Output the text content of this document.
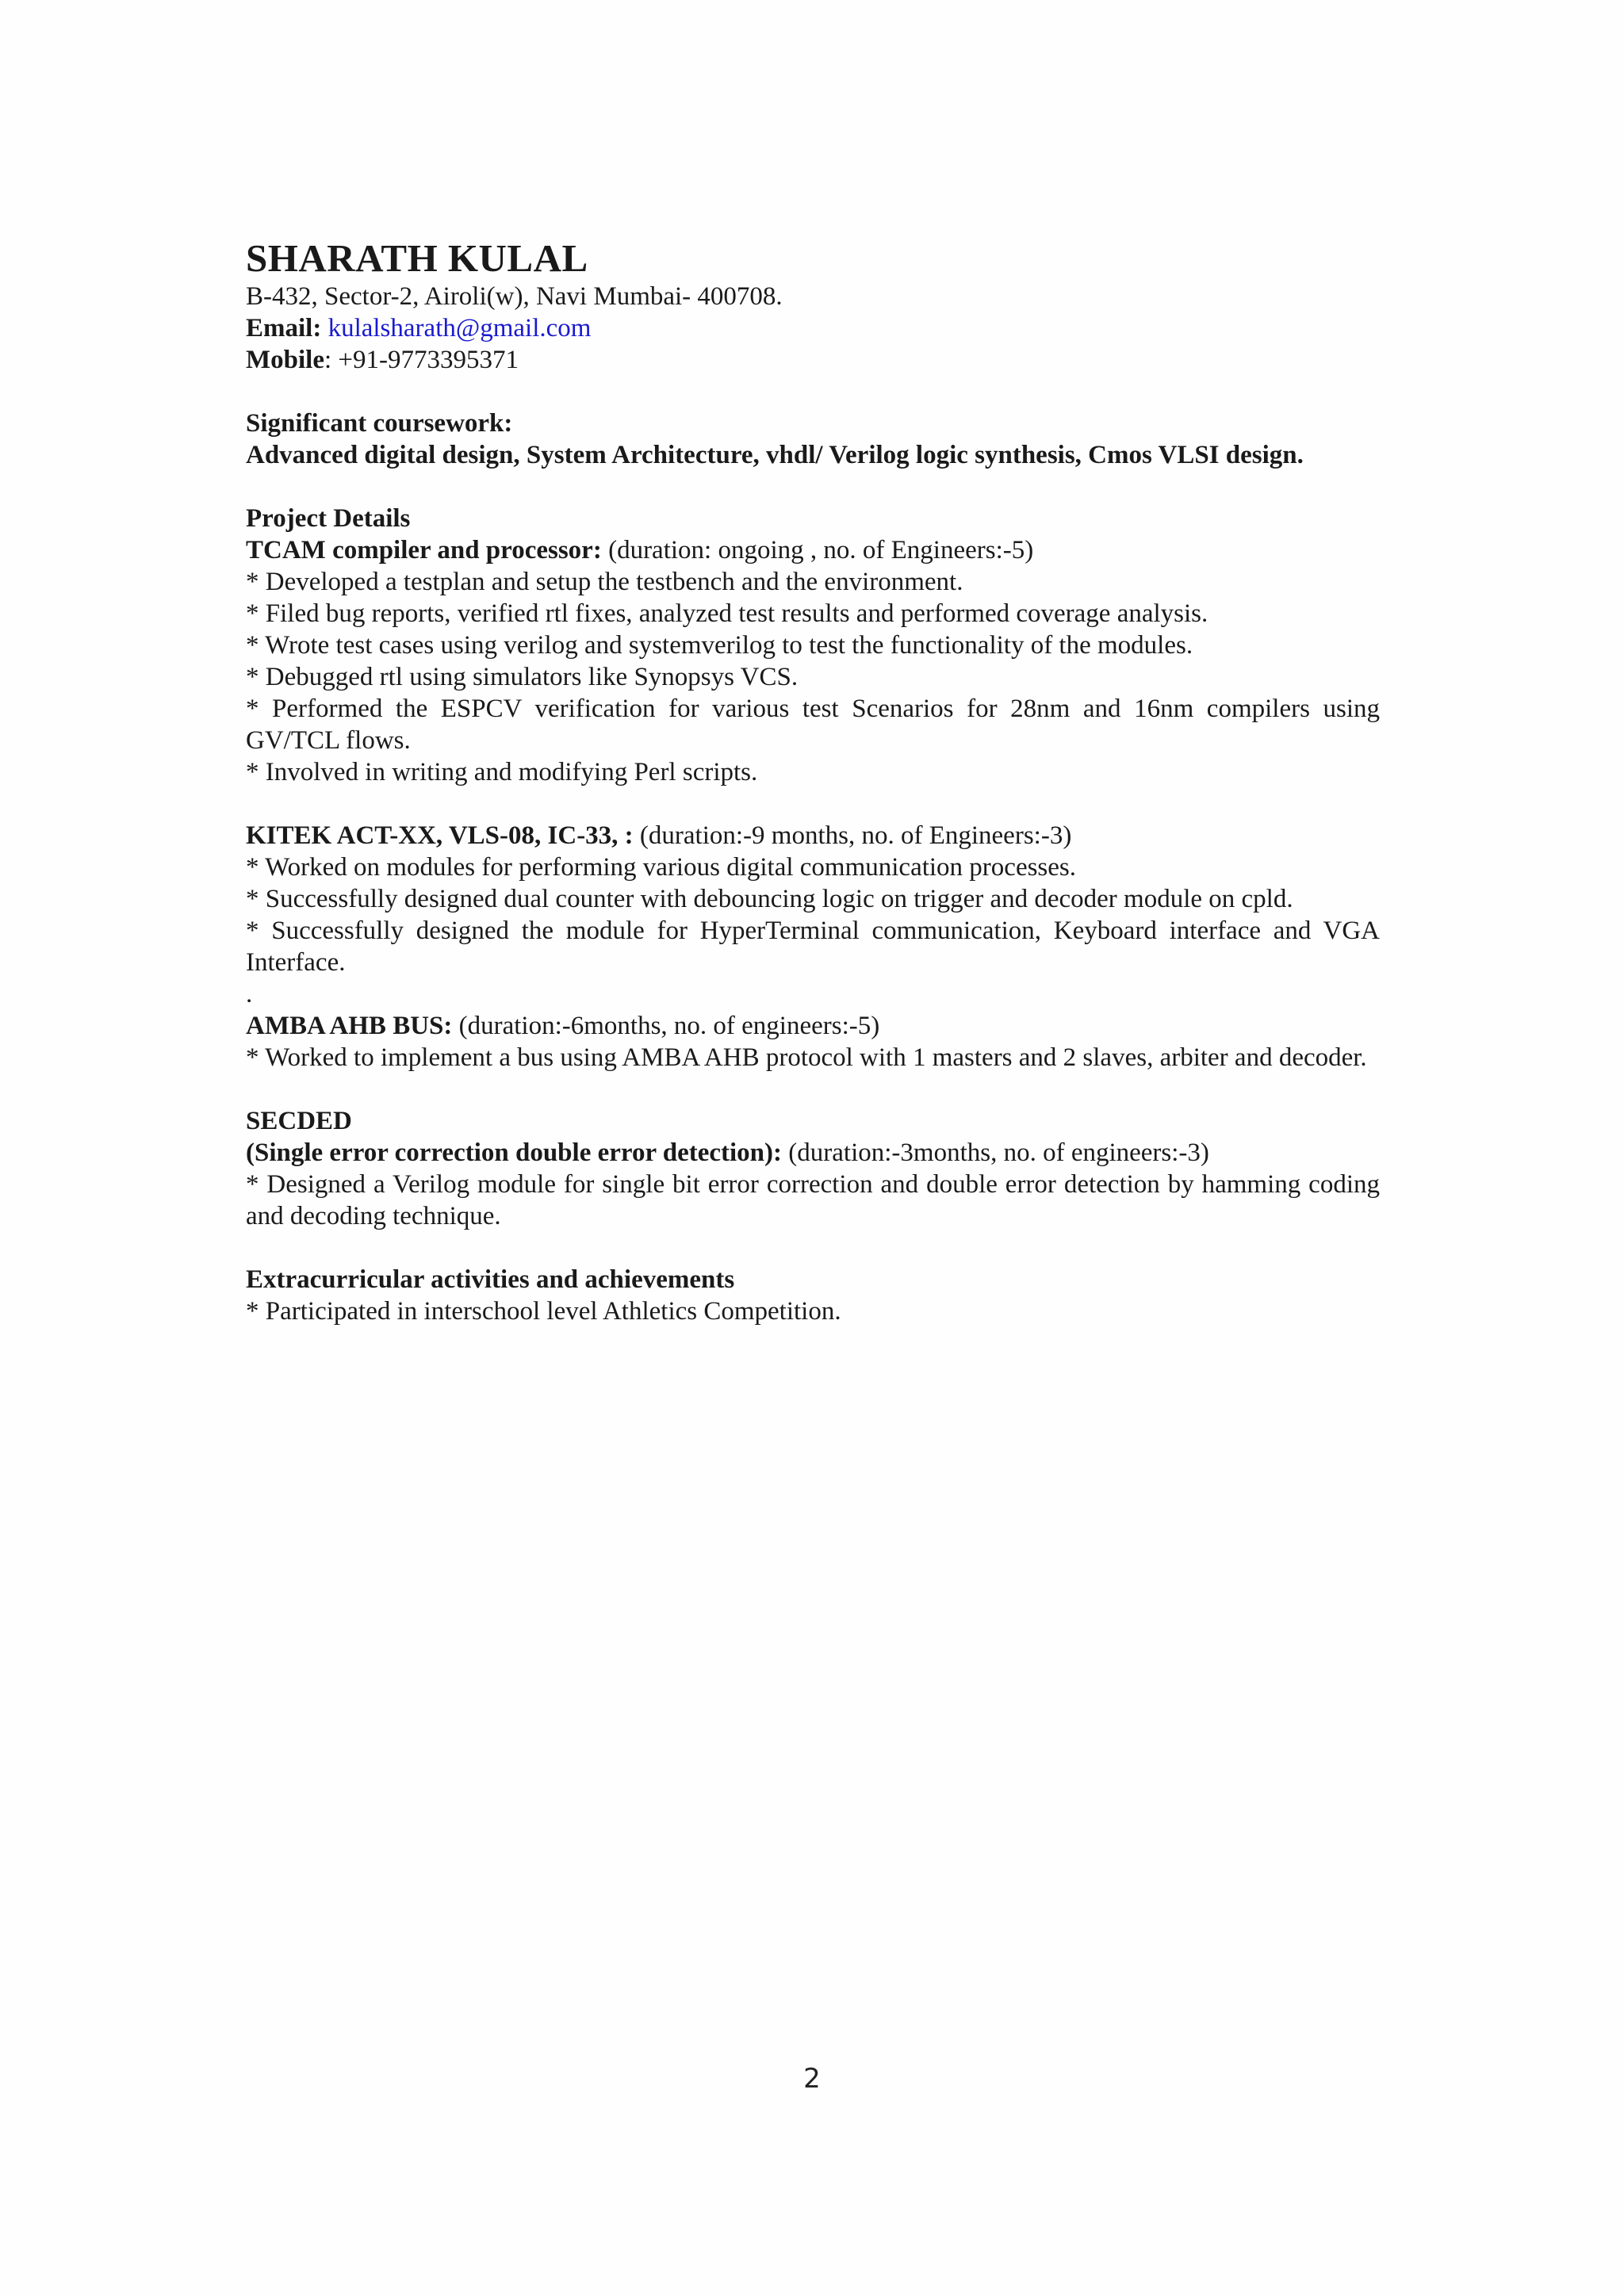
SHARATH KULAL

B-432, Sector-2, Airoli(w), Navi Mumbai- 400708.

Email: kulalsharath@gmail.com

Mobile: +91-9773395371

Significant coursework:

Advanced digital design, System Architecture, vhdl/ Verilog logic synthesis, Cmos VLSI design.

Project Details

TCAM compiler and processor: (duration: ongoing , no. of Engineers:-5)

* Developed a testplan and setup the testbench and the environment.

* Filed bug reports, verified rtl fixes, analyzed test results and performed coverage analysis.

* Wrote test cases using verilog and systemverilog to test the functionality of the modules.

* Debugged rtl using simulators like Synopsys VCS.

* Performed the ESPCV verification for various test Scenarios for 28nm and 16nm compilers using GV/TCL flows.

* Involved in writing and modifying Perl scripts.

KITEK ACT-XX, VLS-08, IC-33, : (duration:-9 months, no. of Engineers:-3)

* Worked on modules for performing various digital communication processes.

* Successfully designed dual counter with debouncing logic on trigger and decoder module on cpld.

* Successfully designed the module for HyperTerminal communication, Keyboard interface and VGA Interface.

.

AMBA AHB BUS: (duration:-6months, no. of engineers:-5)

* Worked to implement a bus using AMBA AHB protocol with 1 masters and 2 slaves, arbiter and decoder.

SECDED

(Single error correction double error detection): (duration:-3months, no. of engineers:-3)

* Designed a Verilog module for single bit error correction and double error detection by hamming coding and decoding technique.

Extracurricular activities and achievements

* Participated in interschool level Athletics Competition.

2
